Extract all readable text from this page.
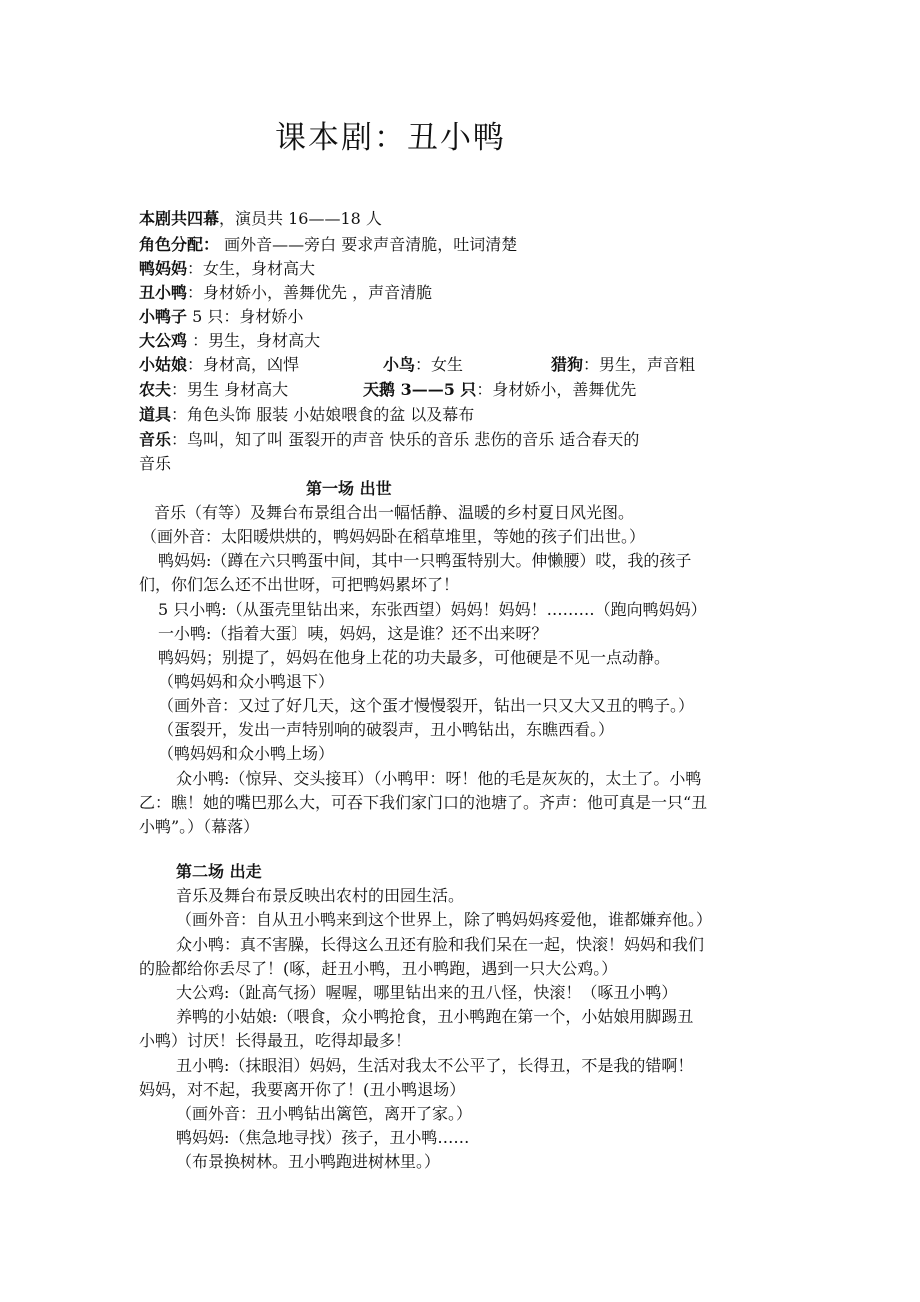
课本剧：丑小鸭
本剧共四幕，演员共 16——18 人
角色分配： 画外音——旁白 要求声音清脆，吐词清楚
鸭妈妈：女生，身材高大
丑小鸭：身材娇小，善舞优先 ，声音清脆
小鸭子 5 只：身材娇小
大公鸡 ：男生，身材高大
小姑娘：身材高，凶悍	小鸟：女生	猎狗：男生，声音粗
农夫：男生 身材高大	天鹅 3——5 只：身材娇小，善舞优先
道具：角色头饰 服装 小姑娘喂食的盆 以及幕布
音乐：鸟叫，知了叫 蛋裂开的声音 快乐的音乐 悲伤的音乐 适合春天的
音乐
第一场 出世
音乐（有等）及舞台布景组合出一幅恬静、温暖的乡村夏日风光图。
（画外音：太阳暖烘烘的，鸭妈妈卧在稻草堆里，等她的孩子们出世。）
鸭妈妈:（蹲在六只鸭蛋中间，其中一只鸭蛋特别大。伸懒腰）哎，我的孩子
们，你们怎么还不出世呀，可把鸭妈累坏了！
5 只小鸭:（从蛋壳里钻出来，东张西望）妈妈！妈妈！………（跑向鸭妈妈）
一小鸭:（指着大蛋〕咦，妈妈，这是谁？还不出来呀？
鸭妈妈；别提了，妈妈在他身上花的功夫最多，可他硬是不见一点动静。
（鸭妈妈和众小鸭退下）
（画外音：又过了好几天，这个蛋才慢慢裂开，钻出一只又大又丑的鸭子。）
（蛋裂开，发出一声特别响的破裂声，丑小鸭钻出，东瞧西看。）
（鸭妈妈和众小鸭上场）
众小鸭:（惊异、交头接耳）（小鸭甲：呀！他的毛是灰灰的，太土了。小鸭
乙：瞧！她的嘴巴那么大，可吞下我们家门口的池塘了。齐声：他可真是一只“丑
小鸭”。）（幕落）
第二场 出走
音乐及舞台布景反映出农村的田园生活。
（画外音：自从丑小鸭来到这个世界上，除了鸭妈妈疼爱他，谁都嫌弃他。）
众小鸭：真不害臊，长得这么丑还有脸和我们呆在一起，快滚！妈妈和我们
的脸都给你丢尽了！(啄，赶丑小鸭，丑小鸭跑，遇到一只大公鸡。）
大公鸡:（趾高气扬）喔喔，哪里钻出来的丑八怪，快滚！（啄丑小鸭）
养鸭的小姑娘:（喂食，众小鸭抢食，丑小鸭跑在第一个，小姑娘用脚踢丑
小鸭）讨厌！长得最丑，吃得却最多！
丑小鸭:（抹眼泪）妈妈，生活对我太不公平了，长得丑，不是我的错啊！
妈妈，对不起，我要离开你了！(丑小鸭退场）
（画外音：丑小鸭钻出篱笆，离开了家。）
鸭妈妈:（焦急地寻找）孩子，丑小鸭……
（布景换树林。丑小鸭跑进树林里。）
